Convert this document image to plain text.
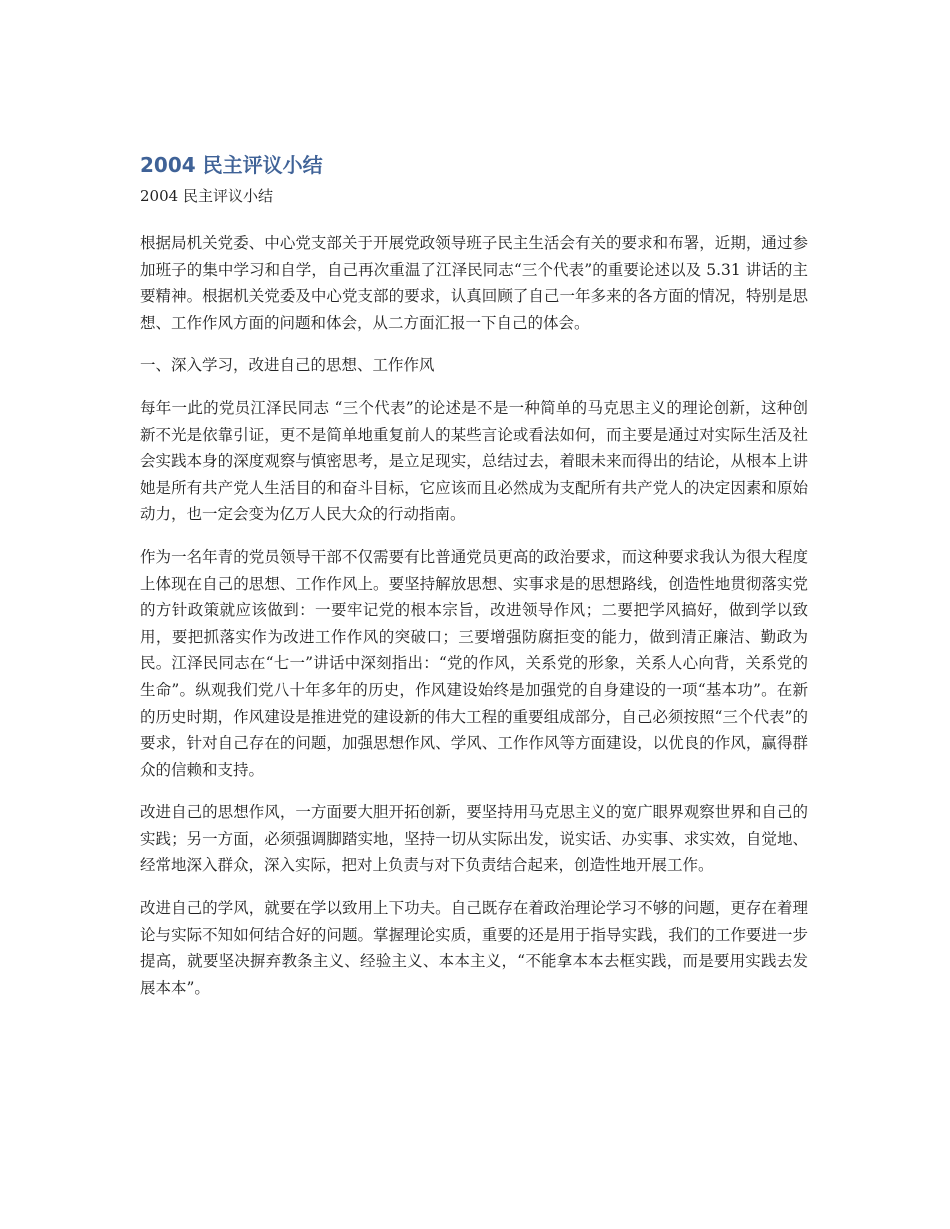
2004 民主评议小结
2004 民主评议小结

根据局机关党委、中心党支部关于开展党政领导班子民主生活会有关的要求和布署，近期，通过参加班子的集中学习和自学，自己再次重温了江泽民同志“三个代表”的重要论述以及 5.31 讲话的主要精神。根据机关党委及中心党支部的要求，认真回顾了自己一年多来的各方面的情况，特别是思想、工作作风方面的问题和体会，从二方面汇报一下自己的体会。

一、深入学习，改进自己的思想、工作作风

每年一此的党员江泽民同志 “三个代表”的论述是不是一种简单的马克思主义的理论创新，这种创新不光是依靠引证，更不是简单地重复前人的某些言论或看法如何，而主要是通过对实际生活及社会实践本身的深度观察与慎密思考，是立足现实，总结过去，着眼未来而得出的结论，从根本上讲她是所有共产党人生活目的和奋斗目标，它应该而且必然成为支配所有共产党人的决定因素和原始动力，也一定会变为亿万人民大众的行动指南。

作为一名年青的党员领导干部不仅需要有比普通党员更高的政治要求，而这种要求我认为很大程度上体现在自己的思想、工作作风上。要坚持解放思想、实事求是的思想路线，创造性地贯彻落实党的方针政策就应该做到：一要牢记党的根本宗旨，改进领导作风；二要把学风搞好，做到学以致用，要把抓落实作为改进工作作风的突破口；三要增强防腐拒变的能力，做到清正廉洁、勤政为民。江泽民同志在“七一”讲话中深刻指出：“党的作风，关系党的形象，关系人心向背，关系党的生命”。纵观我们党八十年多年的历史，作风建设始终是加强党的自身建设的一项“基本功”。在新的历史时期，作风建设是推进党的建设新的伟大工程的重要组成部分，自己必须按照“三个代表”的要求，针对自己存在的问题，加强思想作风、学风、工作作风等方面建设，以优良的作风，赢得群众的信赖和支持。

改进自己的思想作风，一方面要大胆开拓创新，要坚持用马克思主义的宽广眼界观察世界和自己的实践；另一方面，必须强调脚踏实地，坚持一切从实际出发，说实话、办实事、求实效，自觉地、经常地深入群众，深入实际，把对上负责与对下负责结合起来，创造性地开展工作。

改进自己的学风，就要在学以致用上下功夫。自己既存在着政治理论学习不够的问题，更存在着理论与实际不知如何结合好的问题。掌握理论实质，重要的还是用于指导实践，我们的工作要进一步提高，就要坚决摒弃教条主义、经验主义、本本主义，“不能拿本本去框实践，而是要用实践去发展本本”。
